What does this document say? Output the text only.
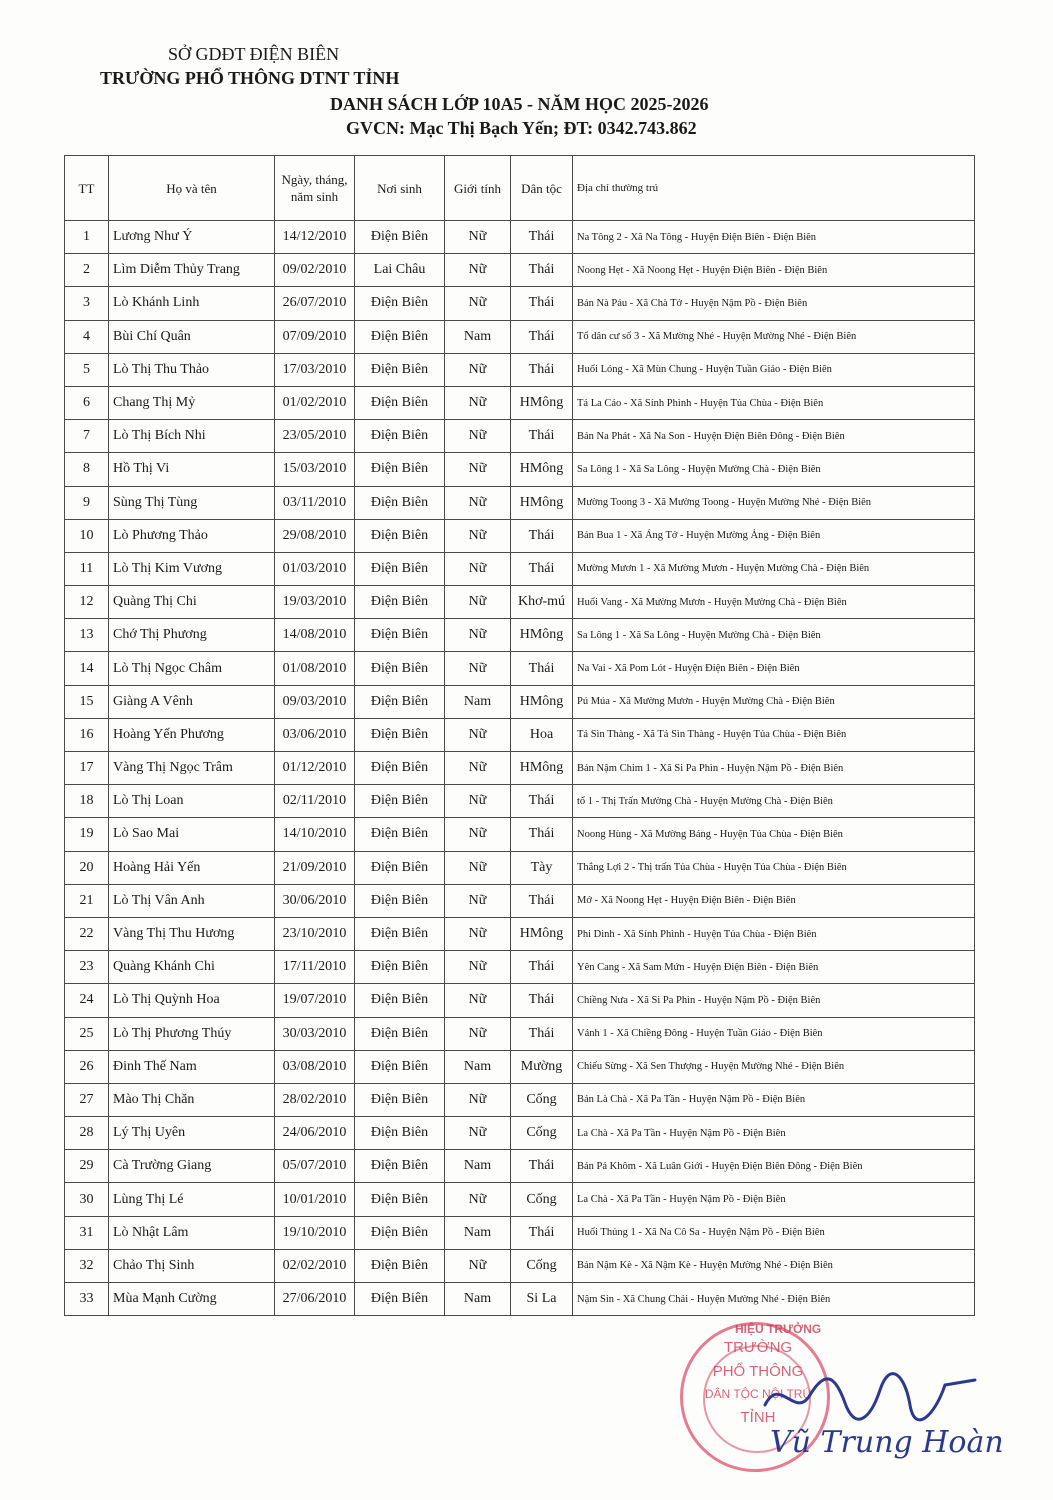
SỞ GDĐT ĐIỆN BIÊN
TRƯỜNG PHỔ THÔNG DTNT TỈNH
DANH SÁCH LỚP 10A5 - NĂM HỌC 2025-2026
GVCN: Mạc Thị Bạch Yến; ĐT: 0342.743.862
TT	Họ và tên	Ngày, tháng, năm sinh	Nơi sinh	Giới tính	Dân tộc	Địa chỉ thường trú
1	Lương Như Ý	14/12/2010	Điện Biên	Nữ	Thái	Na Tông 2 - Xã Na Tông - Huyện Điện Biên - Điện Biên
2	Lìm Diễm Thủy Trang	09/02/2010	Lai Châu	Nữ	Thái	Noong Hẹt - Xã Noong Hẹt - Huyện Điện Biên - Điện Biên
3	Lò Khánh Linh	26/07/2010	Điện Biên	Nữ	Thái	Bản Nà Pảu - Xã Chà Tở - Huyện Nậm Pồ - Điện Biên
4	Bùi Chí Quân	07/09/2010	Điện Biên	Nam	Thái	Tổ dân cư số 3 - Xã Mường Nhé - Huyện Mường Nhé - Điện Biên
5	Lò Thị Thu Thảo	17/03/2010	Điện Biên	Nữ	Thái	Huổi Lóng - Xã Mùn Chung - Huyện Tuần Giáo - Điện Biên
6	Chang Thị Mỷ	01/02/2010	Điện Biên	Nữ	HMông	Tả La Cáo - Xã Sính Phình - Huyện Tủa Chùa - Điện Biên
7	Lò Thị Bích Nhi	23/05/2010	Điện Biên	Nữ	Thái	Bản Na Phát - Xã Na Son - Huyện Điện Biên Đông - Điện Biên
8	Hồ Thị Vi	15/03/2010	Điện Biên	Nữ	HMông	Sa Lông 1 - Xã Sa Lông - Huyện Mường Chà - Điện Biên
9	Sùng Thị Tùng	03/11/2010	Điện Biên	Nữ	HMông	Mường Toong 3 - Xã Mường Toong - Huyện Mường Nhé - Điện Biên
10	Lò Phương Thảo	29/08/2010	Điện Biên	Nữ	Thái	Bản Bua 1 - Xã Áng Tở - Huyện Mường Ảng - Điện Biên
11	Lò Thị Kim Vương	01/03/2010	Điện Biên	Nữ	Thái	Mường Mươn 1 - Xã Mường Mươn - Huyện Mường Chà - Điện Biên
12	Quàng Thị Chi	19/03/2010	Điện Biên	Nữ	Khơ-mú	Huổi Vang - Xã Mường Mươn - Huyện Mường Chà - Điện Biên
13	Chớ Thị Phương	14/08/2010	Điện Biên	Nữ	HMông	Sa Lông 1 - Xã Sa Lông - Huyện Mường Chà - Điện Biên
14	Lò Thị Ngọc Châm	01/08/2010	Điện Biên	Nữ	Thái	Na Vai - Xã Pom Lót - Huyện Điện Biên - Điện Biên
15	Giàng A Vênh	09/03/2010	Điện Biên	Nam	HMông	Pú Múa - Xã Mường Mươn - Huyện Mường Chà - Điện Biên
16	Hoàng Yến Phương	03/06/2010	Điện Biên	Nữ	Hoa	Tả Sìn Thàng - Xã Tả Sìn Thàng - Huyện Tủa Chùa - Điện Biên
17	Vàng Thị Ngọc Trâm	01/12/2010	Điện Biên	Nữ	HMông	Bản Nậm Chim 1 - Xã Si Pa Phìn - Huyện Nậm Pồ - Điện Biên
18	Lò Thị Loan	02/11/2010	Điện Biên	Nữ	Thái	tổ 1 - Thị Trấn Mường Chà - Huyện Mường Chà - Điện Biên
19	Lò Sao Mai	14/10/2010	Điện Biên	Nữ	Thái	Noong Hùng - Xã Mường Báng - Huyện Tủa Chùa - Điện Biên
20	Hoàng Hải Yến	21/09/2010	Điện Biên	Nữ	Tày	Thắng Lợi 2 - Thị trấn Tủa Chùa - Huyện Tủa Chùa - Điện Biên
21	Lò Thị Vân Anh	30/06/2010	Điện Biên	Nữ	Thái	Mớ - Xã Noong Hẹt - Huyện Điện Biên - Điện Biên
22	Vàng Thị Thu Hương	23/10/2010	Điện Biên	Nữ	HMông	Phi Dinh - Xã Sính Phình - Huyện Tủa Chùa - Điện Biên
23	Quàng Khánh Chi	17/11/2010	Điện Biên	Nữ	Thái	Yên Cang - Xã Sam Mứn - Huyện Điện Biên - Điện Biên
24	Lò Thị Quỳnh Hoa	19/07/2010	Điện Biên	Nữ	Thái	Chiềng Nưa - Xã Si Pa Phìn - Huyện Nậm Pồ - Điện Biên
25	Lò Thị Phương Thúy	30/03/2010	Điện Biên	Nữ	Thái	Vánh 1 - Xã Chiềng Đông - Huyện Tuần Giáo - Điện Biên
26	Đinh Thế Nam	03/08/2010	Điện Biên	Nam	Mường	Chiếu Sừng - Xã Sen Thượng - Huyện Mường Nhé - Điện Biên
27	Mào Thị Chăn	28/02/2010	Điện Biên	Nữ	Cống	Bản Là Chà - Xã Pa Tần - Huyện Nậm Pồ - Điện Biên
28	Lý Thị Uyên	24/06/2010	Điện Biên	Nữ	Cống	La Chà - Xã Pa Tần - Huyện Nậm Pồ - Điện Biên
29	Cà Trường Giang	05/07/2010	Điện Biên	Nam	Thái	Bản Pá Khôm - Xã Luân Giới - Huyện Điện Biên Đông - Điện Biên
30	Lùng Thị Lé	10/01/2010	Điện Biên	Nữ	Cống	La Chà - Xã Pa Tần - Huyện Nậm Pồ - Điện Biên
31	Lò Nhật Lâm	19/10/2010	Điện Biên	Nam	Thái	Huổi Thủng 1 - Xã Na Cô Sa - Huyện Nậm Pồ - Điện Biên
32	Chảo Thị Sinh	02/02/2010	Điện Biên	Nữ	Cống	Bản Nậm Kè - Xã Nậm Kè - Huyện Mường Nhé - Điện Biên
33	Mùa Mạnh Cường	27/06/2010	Điện Biên	Nam	Si La	Nậm Sin - Xã Chung Chải - Huyện Mường Nhé - Điện Biên
TRƯỜNG
PHỔ THÔNG
DÂN TỘC NỘI TRÚ
TỈNH
HIỆU TRƯỞNG
Vũ Trung Hoàn
